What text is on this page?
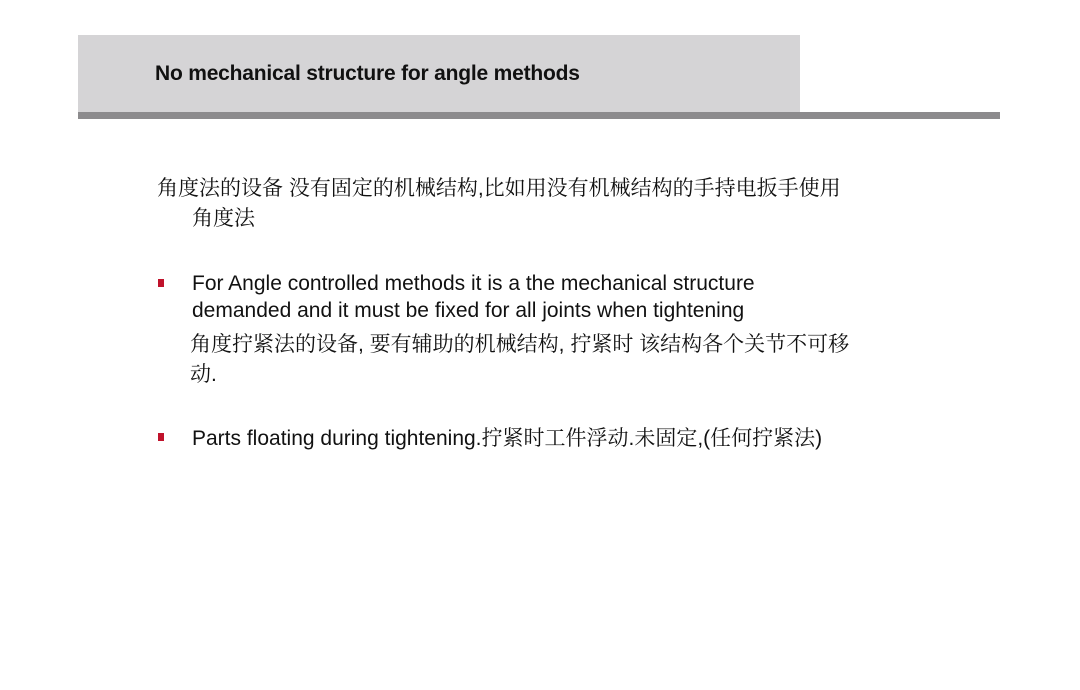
No mechanical structure for angle methods
角度法的设备 没有固定的机械结构,比如用没有机械结构的手持电扳手使用
角度法
For Angle controlled methods it is a the mechanical structure
demanded and it must be fixed for all joints when tightening
角度拧紧法的设备, 要有辅助的机械结构, 拧紧时 该结构各个关节不可移
动.
Parts floating during tightening.拧紧时工件浮动.未固定,(任何拧紧法)
